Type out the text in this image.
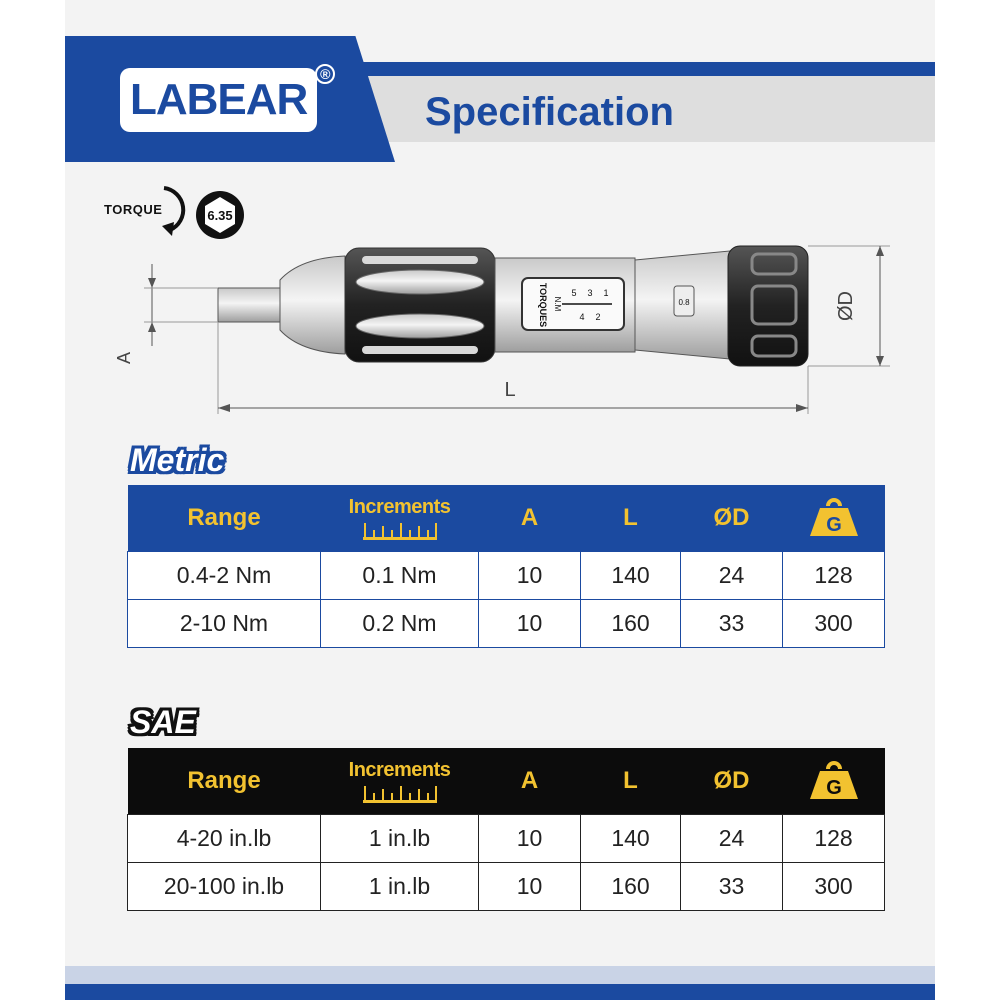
LABEAR
®
Specification
TORQUE	6.35
TORQUES N.M
1
3
5
2
4
0.8
A
ØD
L
Metric
Range	Increments	A	L	ØD	G

0.4-2 Nm	0.1 Nm	10	140	24	128
2-10 Nm	0.2 Nm	10	160	33	300
SAE
Range	Increments	A	L	ØD	G

4-20 in.lb	1 in.lb	10	140	24	128
20-100 in.lb	1 in.lb	10	160	33	300
